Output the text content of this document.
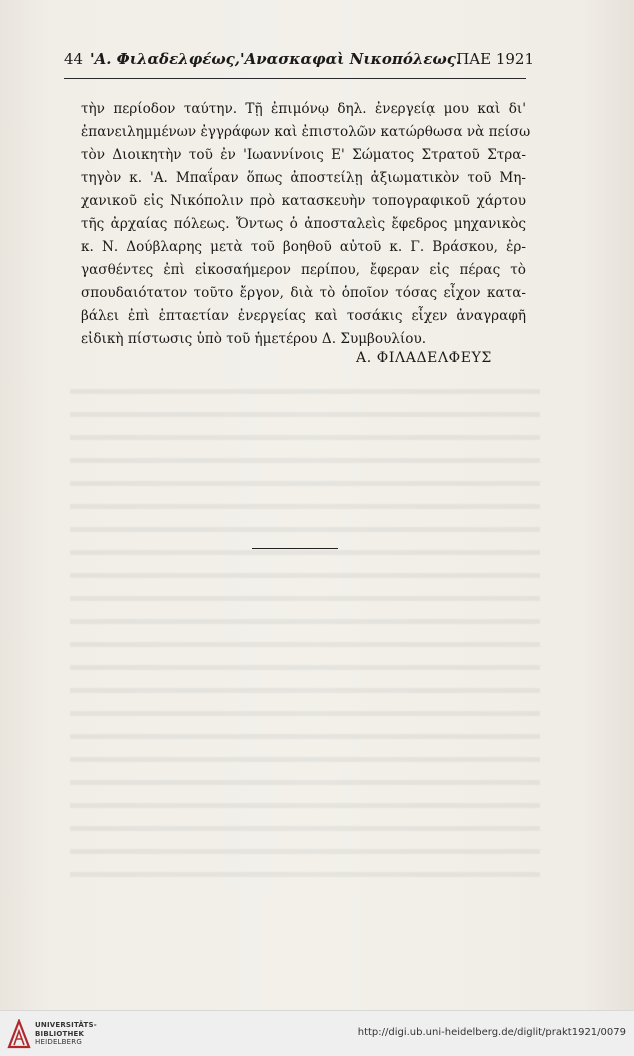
44 'Α. Φιλαδελφέως,'Ανασκαφαὶ Νικοπόλεως.
ΠΑΕ 1921
τὴν περίοδον ταύτην. Τῇ ἐπιμόνῳ δηλ. ἐνεργείᾳ μου καὶ δι'
ἐπανειλημμένων ἐγγράφων καὶ ἐπιστολῶν κατώρθωσα νὰ πείσω
τὸν Διοικητὴν τοῦ ἐν 'Ιωαννίνοις Ε' Σώματος Στρατοῦ Στρα-
τηγὸν κ. 'Α. Μπαΐραν ὅπως ἀποστείλῃ ἀξιωματικὸν τοῦ Μη-
χανικοῦ εἰς Νικόπολιν πρὸ κατασκευὴν τοπογραφικοῦ χάρτου
τῆς ἀρχαίας πόλεως. Ὄντως ὁ ἀποσταλεὶς ἔφεδρος μηχανικὸς
κ. Ν. Δούβλαρης μετὰ τοῦ βοηθοῦ αὐτοῦ κ. Γ. Βράσκου, ἐρ-
γασθέντες ἐπὶ εἰκοσαήμερον περίπου, ἔφεραν εἰς πέρας τὸ
σπουδαιότατον τοῦτο ἔργον, διὰ τὸ ὁποῖον τόσας εἶχον κατα-
βάλει ἐπὶ ἑπταετίαν ἐνεργείας καὶ τοσάκις εἶχεν ἀναγραφῆ
εἰδικὴ πίστωσις ὑπὸ τοῦ ἡμετέρου Δ. Συμβουλίου.
Α. ΦΙΛΑΔΕΛΦΕΥΣ
UNIVERSITÄTS-
BIBLIOTHEK
HEIDELBERG
http://digi.ub.uni-heidelberg.de/diglit/prakt1921/0079
